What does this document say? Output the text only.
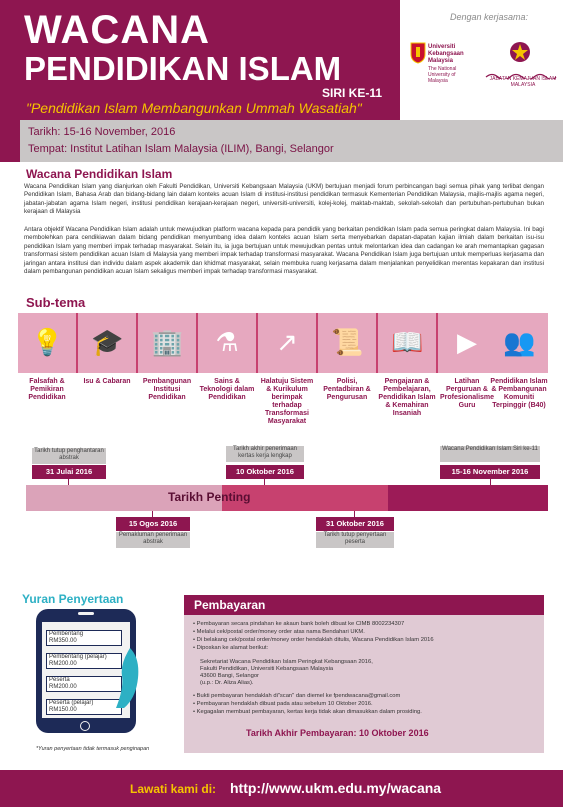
WACANA
PENDIDIKAN ISLAM
SIRI KE-11
"Pendidikan Islam Membangunkan Ummah Wasatiah"
Dengan kerjasama:
Universiti Kebangsaan Malaysia
The National University of Malaysia	JABATAN KEMAJUAN ISLAM MALAYSIA
Tarikh: 15-16 November, 2016
Tempat: Institut Latihan Islam Malaysia (ILIM), Bangi, Selangor
Wacana Pendidikan Islam
Wacana Pendidikan Islam yang dianjurkan oleh Fakulti Pendidikan, Universiti Kebangsaan Malaysia (UKM) bertujuan menjadi forum perbincangan bagi semua pihak yang terlibat dengan Pendidikan Islam, Bahasa Arab dan bidang-bidang lain dalam konteks acuan Islam di institusi-institusi pendidikan termasuk Kementerian Pendidikan Malaysia, majlis-majlis agama negeri, jabatan-jabatan agama Islam negeri, institusi pendidikan kerajaan-kerajaan negeri, universiti-universiti, kolej-kolej, maktab-maktab, sekolah-sekolah dan pertubuhan-pertubuhan bukan kerajaan di Malaysia
Antara objektif Wacana Pendidikan Islam adalah untuk mewujudkan platform wacana kepada para pendidik yang berkaitan pendidikan Islam pada semua peringkat dalam Malaysia. Ini bagi membolehkan para cendikiawan dalam bidang pendidikan menyumbang idea dalam konteks acuan Islam serta menyebarkan dapatan-dapatan kajian ilmiah dalam berkaitan isu-isu pendidikan Islam yang memberi impak terhadap masyarakat. Selain itu, ia juga bertujuan untuk mewujudkan pentas untuk melontarkan idea dan cadangan ke arah memantapkan gagasan transformasi sistem pendidikan acuan Islam di Malaysia yang memberi impak terhadap transformasi masyarakat. Wacana Pendidikan Islam juga bertujuan untuk memperluas kerjasama dan jaringan antara institusi dan individu dalam aspek akademik dan khidmat masyarakat, selain membuka ruang kerjasama dalam menjalankan penyelidikan merentas kepakaran dan institusi dalam pembangunan pendidikan acuan Islam sekaligus memberi impak terhadap transformasi masyarakat.
Sub-tema
💡 🎓 🏢 ⚗ ↗ 📜 📖 ▶ 👥
Falsafah & Pemikiran Pendidikan
Isu & Cabaran	Pembangunan Institusi Pendidikan
Sains & Teknologi dalam Pendidikan
Halatuju Sistem & Kurikulum berimpak terhadap Transformasi Masyarakat
Polisi, Pentadbiran & Pengurusan
Pengajaran & Pembelajaran, Pendidikan Islam & Kemahiran Insaniah
Latihan Perguruan & Profesionalisme Guru
Pendidikan Islam & Pembangunan Komuniti Terpinggir (B40)
Tarikh tutup penghantaran abstrak
31 Julai 2016
Tarikh akhir penerimaan kertas kerja lengkap
10 Oktober 2016
Wacana Pendidikan Islam Siri ke-11
15-16 November 2016
Tarikh Penting
15 Ogos 2016
Pemakluman penerimaan abstrak
31 Oktober 2016
Tarikh tutup penyertaan peserta
Yuran Penyertaan
Pembentang
RM350.00
Pembentang (pelajar)
RM200.00
Peserta
RM200.00
Peserta (pelajar)
RM150.00
*Yuran penyertaan tidak termasuk penginapan
Pembayaran
• Pembayaran secara pindahan ke akaun bank boleh dibuat ke CIMB 8002234307
• Melalui cek/postal order/money order atas nama Bendahari UKM.
• Di belakang cek/postal order/money order hendaklah ditulis, Wacana Pendidikan Islam 2016
• Diposkan ke alamat berikut:
Sekretariat Wacana Pendidikan Islam Peringkat Kebangsaan 2016,
Fakulti Pendidikan, Universiti Kebangsaan Malaysia
43600 Bangi, Selangor
(u.p.: Dr. Aliza Alias).
• Bukti pembayaran hendaklah di"scan" dan diemel ke fpendwacana@gmail.com
• Pembayaran hendaklah dibuat pada atau sebelum 10 Oktober 2016.
• Kegagalan membuat pembayaran, kertas kerja tidak akan dimasukkan dalam prosiding.
Tarikh Akhir Pembayaran: 10 Oktober 2016
Lawati kami di: http://www.ukm.edu.my/wacana
